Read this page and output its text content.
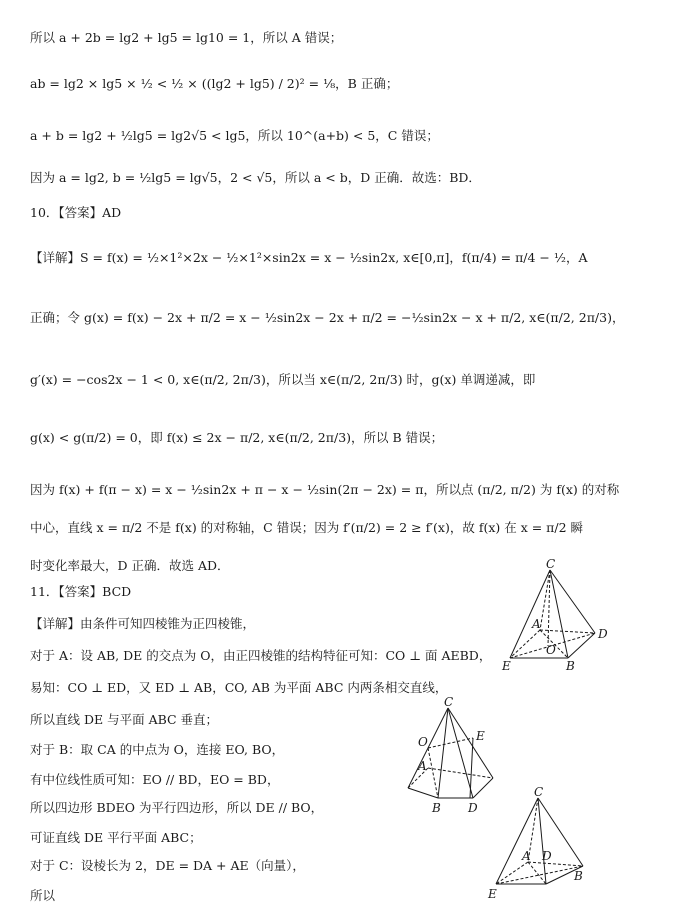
所以 a + 2b = lg2 + lg5 = lg10 = 1，所以 A 错误；
ab = lg2 × lg5 × ½ < ½ × ((lg2 + lg5) / 2)² = ⅛，B 正确；
a + b = lg2 + ½lg5 = lg2√5 < lg5，所以 10^(a+b) < 5，C 错误；
因为 a = lg2, b = ½lg5 = lg√5，2 < √5，所以 a < b，D 正确．故选：BD．
10．【答案】AD
【详解】S = f(x) = ½×1²×2x − ½×1²×sin2x = x − ½sin2x, x∈[0,π]，f(π/4) = π/4 − ½，A
正确；令 g(x) = f(x) − 2x + π/2 = x − ½sin2x − 2x + π/2 = −½sin2x − x + π/2, x∈(π/2, 2π/3)，
g′(x) = −cos2x − 1 < 0, x∈(π/2, 2π/3)，所以当 x∈(π/2, 2π/3) 时，g(x) 单调递减，即
g(x) < g(π/2) = 0，即 f(x) ≤ 2x − π/2, x∈(π/2, 2π/3)，所以 B 错误；
因为 f(x) + f(π − x) = x − ½sin2x + π − x − ½sin(2π − 2x) = π，所以点 (π/2, π/2) 为 f(x) 的对称
中心，直线 x = π/2 不是 f(x) 的对称轴，C 错误；因为 f′(π/2) = 2 ≥ f′(x)，故 f(x) 在 x = π/2 瞬
时变化率最大，D 正确．故选 AD．
11．【答案】BCD
【详解】由条件可知四棱锥为正四棱锥，
对于 A：设 AB, DE 的交点为 O，由正四棱锥的结构特征可知：CO ⊥ 面 AEBD，
易知：CO ⊥ ED，又 ED ⊥ AB，CO, AB 为平面 ABC 内两条相交直线，
所以直线 DE 与平面 ABC 垂直；
对于 B：取 CA 的中点为 O，连接 EO, BO，
有中位线性质可知：EO // BD，EO = BD，
所以四边形 BDEO 为平行四边形，所以 DE // BO，
可证直线 DE 平行平面 ABC；
对于 C：设棱长为 2，DE = DA + AE（向量），
所以
C
A
D
O
E	B
C
O	E
A
B D
C
A D
E
B
